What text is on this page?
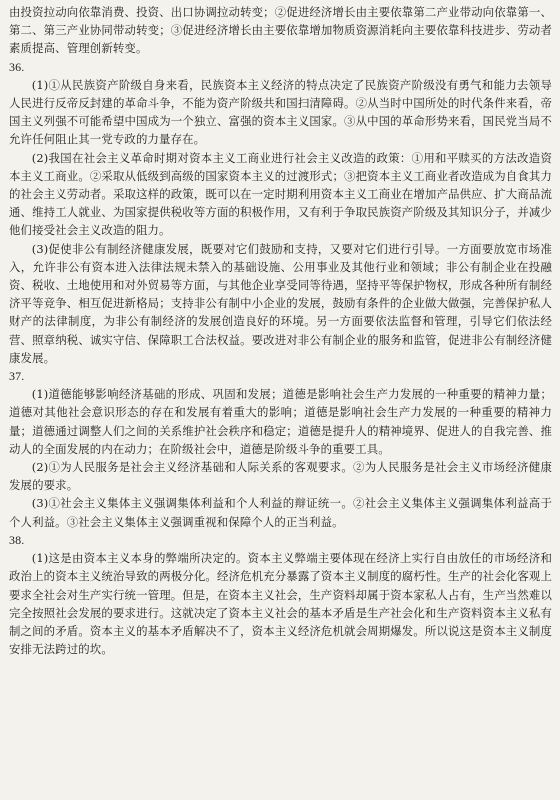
由投资拉动向依靠消费、投资、出口协调拉动转变；②促进经济增长由主要依靠第二产业带动向依靠第一、第二、第三产业协同带动转变；③促进经济增长由主要依靠增加物质资源消耗向主要依靠科技进步、劳动者素质提高、管理创新转变。

36.

(1)①从民族资产阶级自身来看，民族资本主义经济的特点决定了民族资产阶级没有勇气和能力去领导人民进行反帝反封建的革命斗争，不能为资产阶级共和国扫清障碍。②从当时中国所处的时代条件来看，帝国主义列强不可能希望中国成为一个独立、富强的资本主义国家。③从中国的革命形势来看，国民党当局不允许任何阻止其一党专政的力量存在。

(2)我国在社会主义革命时期对资本主义工商业进行社会主义改造的政策：①用和平赎买的方法改造资本主义工商业。②采取从低级到高级的国家资本主义的过渡形式；③把资本主义工商业者改造成为自食其力的社会主义劳动者。采取这样的政策，既可以在一定时期利用资本主义工商业在增加产品供应、扩大商品流通、维持工人就业、为国家提供税收等方面的积极作用，又有利于争取民族资产阶级及其知识分子，并减少他们接受社会主义改造的阻力。

(3)促使非公有制经济健康发展，既要对它们鼓励和支持，又要对它们进行引导。一方面要放宽市场准入，允许非公有资本进入法律法规未禁入的基础设施、公用事业及其他行业和领域；非公有制企业在投融资、税收、土地使用和对外贸易等方面，与其他企业享受同等待遇，坚持平等保护物权，形成各种所有制经济平等竞争、相互促进新格局；支持非公有制中小企业的发展，鼓励有条件的企业做大做强，完善保护私人财产的法律制度，为非公有制经济的发展创造良好的环境。另一方面要依法监督和管理，引导它们依法经营、照章纳税、诚实守信、保障职工合法权益。要改进对非公有制企业的服务和监管，促进非公有制经济健康发展。

37.

(1)道德能够影响经济基础的形成、巩固和发展；道德是影响社会生产力发展的一种重要的精神力量；道德对其他社会意识形态的存在和发展有着重大的影响；道德是影响社会生产力发展的一种重要的精神力量；道德通过调整人们之间的关系维护社会秩序和稳定；道德是提升人的精神境界、促进人的自我完善、推动人的全面发展的内在动力；在阶级社会中，道德是阶级斗争的重要工具。

(2)①为人民服务是社会主义经济基础和人际关系的客观要求。②为人民服务是社会主义市场经济健康发展的要求。

(3)①社会主义集体主义强调集体利益和个人利益的辩证统一。②社会主义集体主义强调集体利益高于个人利益。③社会主义集体主义强调重视和保障个人的正当利益。

38.

(1)这是由资本主义本身的弊端所决定的。资本主义弊端主要体现在经济上实行自由放任的市场经济和政治上的资本主义统治导致的两极分化。经济危机充分暴露了资本主义制度的腐朽性。生产的社会化客观上要求全社会对生产实行统一管理。但是，在资本主义社会，生产资料却属于资本家私人占有，生产当然难以完全按照社会发展的要求进行。这就决定了资本主义社会的基本矛盾是生产社会化和生产资料资本主义私有制之间的矛盾。资本主义的基本矛盾解决不了，资本主义经济危机就会周期爆发。所以说这是资本主义制度安排无法跨过的坎。
